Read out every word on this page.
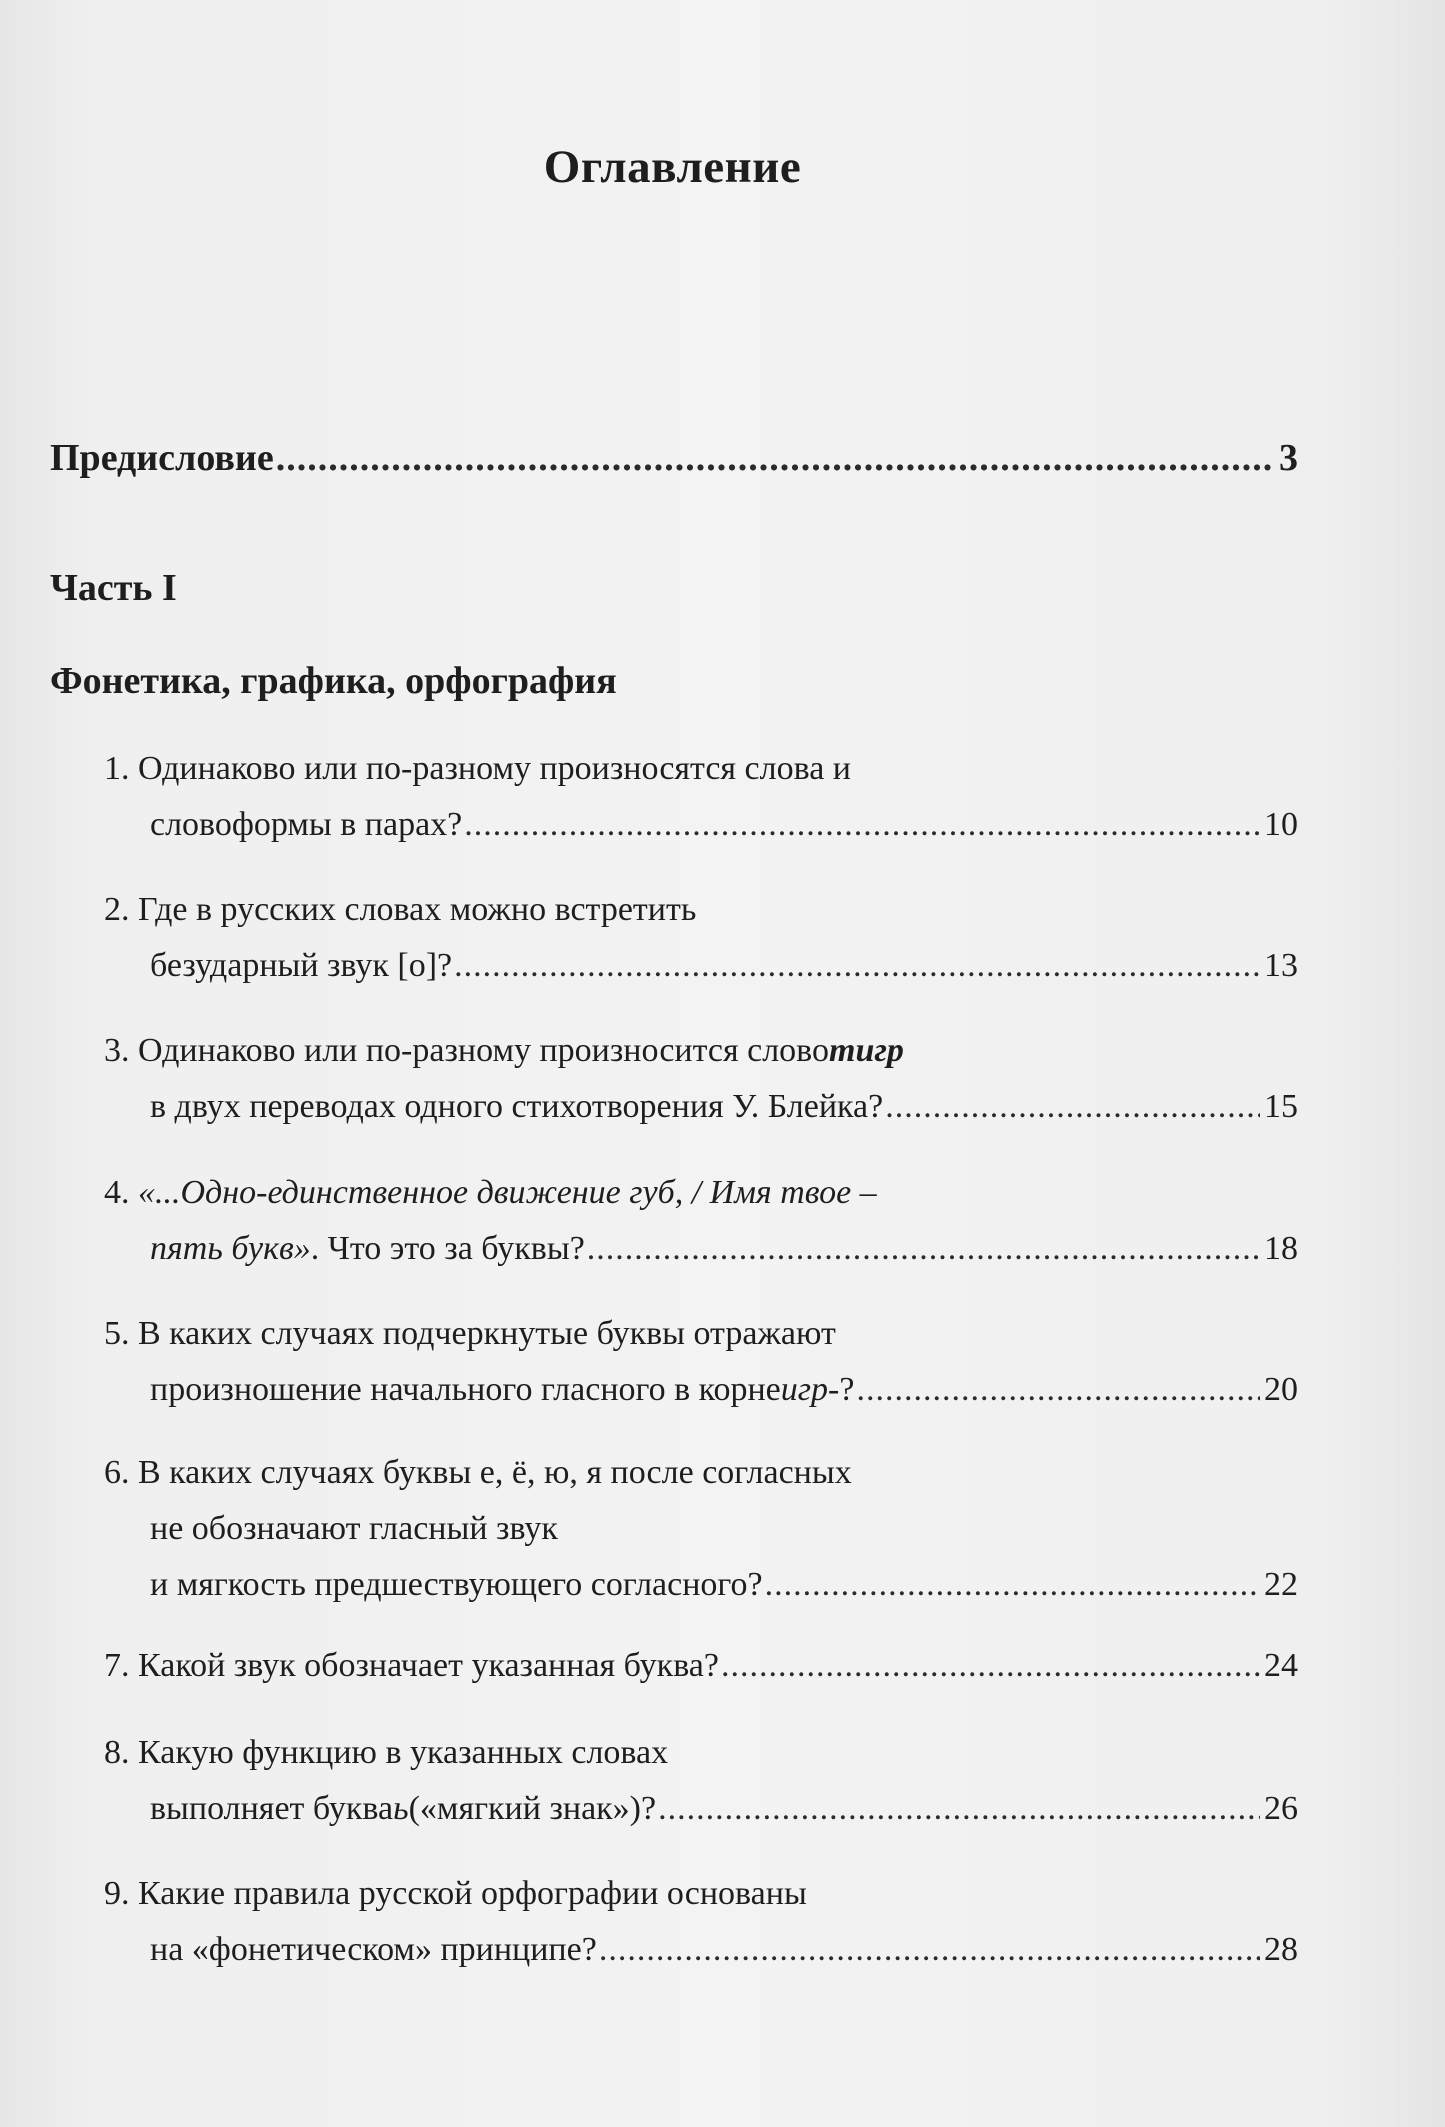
Оглавление
Предисловие .....	3
Часть I
Фонетика, графика, орфография
1.
Одинаково или по-разному произносятся слова и
словоформы в парах? .....	10
2.
Где в русских словах можно встретить
безударный звук [о]? .....	13
3.
Одинаково или по-разному произносится слово тигр
в двух переводах одного стихотворения У. Блейка? .....	15
4.
«...Одно-единственное движение губ, / Имя твое –
пять букв» . Что это за буквы? .....	18
5.
В каких случаях подчеркнутые буквы отражают
произношение начального гласного в корне игр- ? .....	20
6.
В каких случаях буквы е, ё, ю, я после согласных
не обозначают гласный звук
и мягкость предшествующего согласного? .....	22
7.
Какой звук обозначает указанная буква? .....	24
8.
Какую функцию в указанных словах
выполняет буква ь («мягкий знак»)? .....	26
9.
Какие правила русской орфографии основаны
на «фонетическом» принципе? .....	28
